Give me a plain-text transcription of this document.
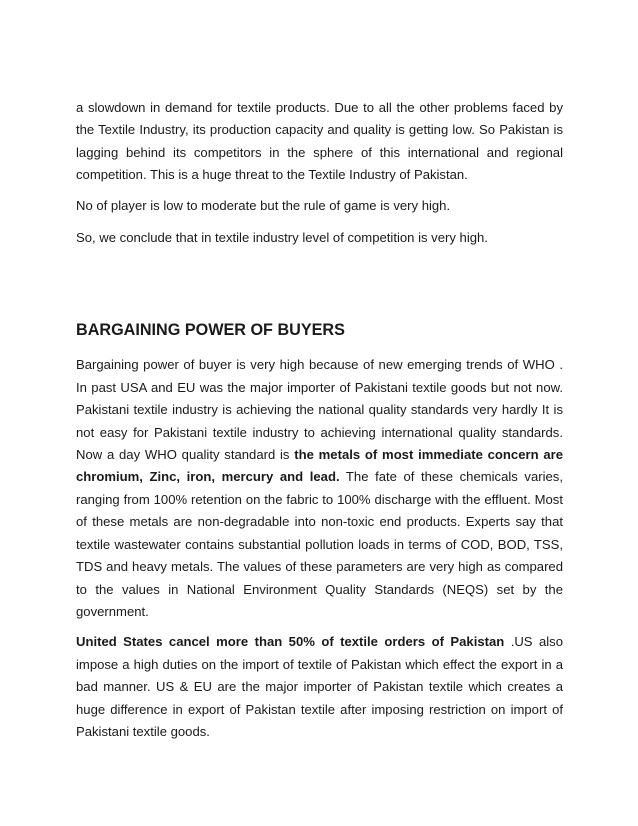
a slowdown in demand for textile products. Due to all the other problems faced by the Textile Industry, its production capacity and quality is getting low. So Pakistan is lagging behind its competitors in the sphere of this international and regional competition. This is a huge threat to the Textile Industry of Pakistan.

No of player is low to moderate but the rule of game is very high.

So, we conclude that in textile industry level of competition is very high.

BARGAINING POWER OF BUYERS

Bargaining power of buyer is very high because of new emerging trends of WHO . In past USA and EU was the major importer of Pakistani textile goods but not now. Pakistani textile industry is achieving the national quality standards very hardly It is not easy for Pakistani textile industry to achieving international quality standards. Now a day WHO quality standard is the metals of most immediate concern are chromium, Zinc, iron, mercury and lead. The fate of these chemicals varies, ranging from 100% retention on the fabric to 100% discharge with the effluent. Most of these metals are non-degradable into non-toxic end products. Experts say that textile wastewater contains substantial pollution loads in terms of COD, BOD, TSS, TDS and heavy metals. The values of these parameters are very high as compared to the values in National Environment Quality Standards (NEQS) set by the government.

United States cancel more than 50% of textile orders of Pakistan .US also impose a high duties on the import of textile of Pakistan which effect the export in a bad manner. US & EU are the major importer of Pakistan textile which creates a huge difference in export of Pakistan textile after imposing restriction on import of Pakistani textile goods.
